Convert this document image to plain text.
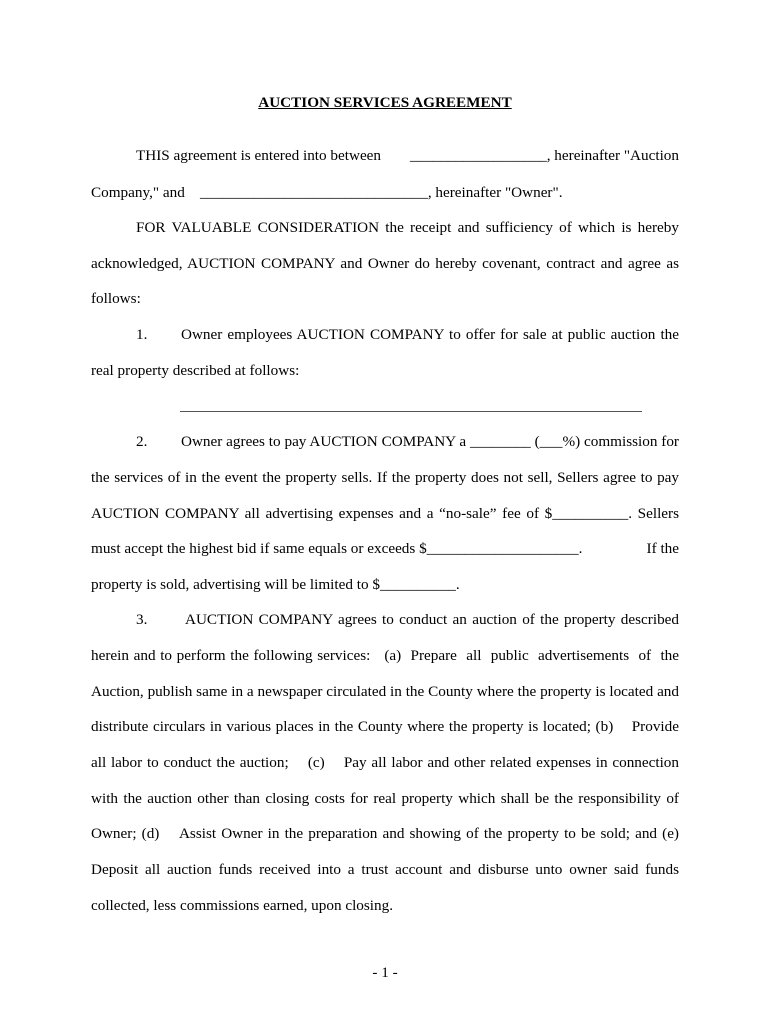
AUCTION SERVICES AGREEMENT
THIS agreement is entered into between	__________________, hereinafter "Auction
Company," and ______________________________, hereinafter "Owner".
FOR VALUABLE CONSIDERATION the receipt and sufficiency of which is hereby
acknowledged, AUCTION COMPANY and Owner do hereby covenant, contract and agree as
follows:
1. Owner employees AUCTION COMPANY to offer for sale at public auction the
real property described at follows:
2. Owner agrees to pay AUCTION COMPANY a ________ (___%) commission for
the services of in the event the property sells. If the property does not sell, Sellers agree to pay
AUCTION COMPANY all advertising expenses and a “no-sale” fee of $__________. Sellers
must accept the highest bid if same equals or exceeds $____________________.	If the
property is sold, advertising will be limited to $__________.
3. AUCTION COMPANY agrees to conduct an auction of the property described
herein and to perform the following services:   (a)  Prepare  all  public  advertisements  of  the
Auction, publish same in a newspaper circulated in the County where the property is located and
distribute circulars in various places in the County where the property is located; (b)    Provide
all labor to conduct the auction;    (c)    Pay all labor and other related expenses in connection
with the auction other than closing costs for real property which shall be the responsibility of
Owner; (d)    Assist Owner in the preparation and showing of the property to be sold; and (e)
Deposit all auction funds received into a trust account and disburse unto owner said funds
collected, less commissions earned, upon closing.
- 1 -
